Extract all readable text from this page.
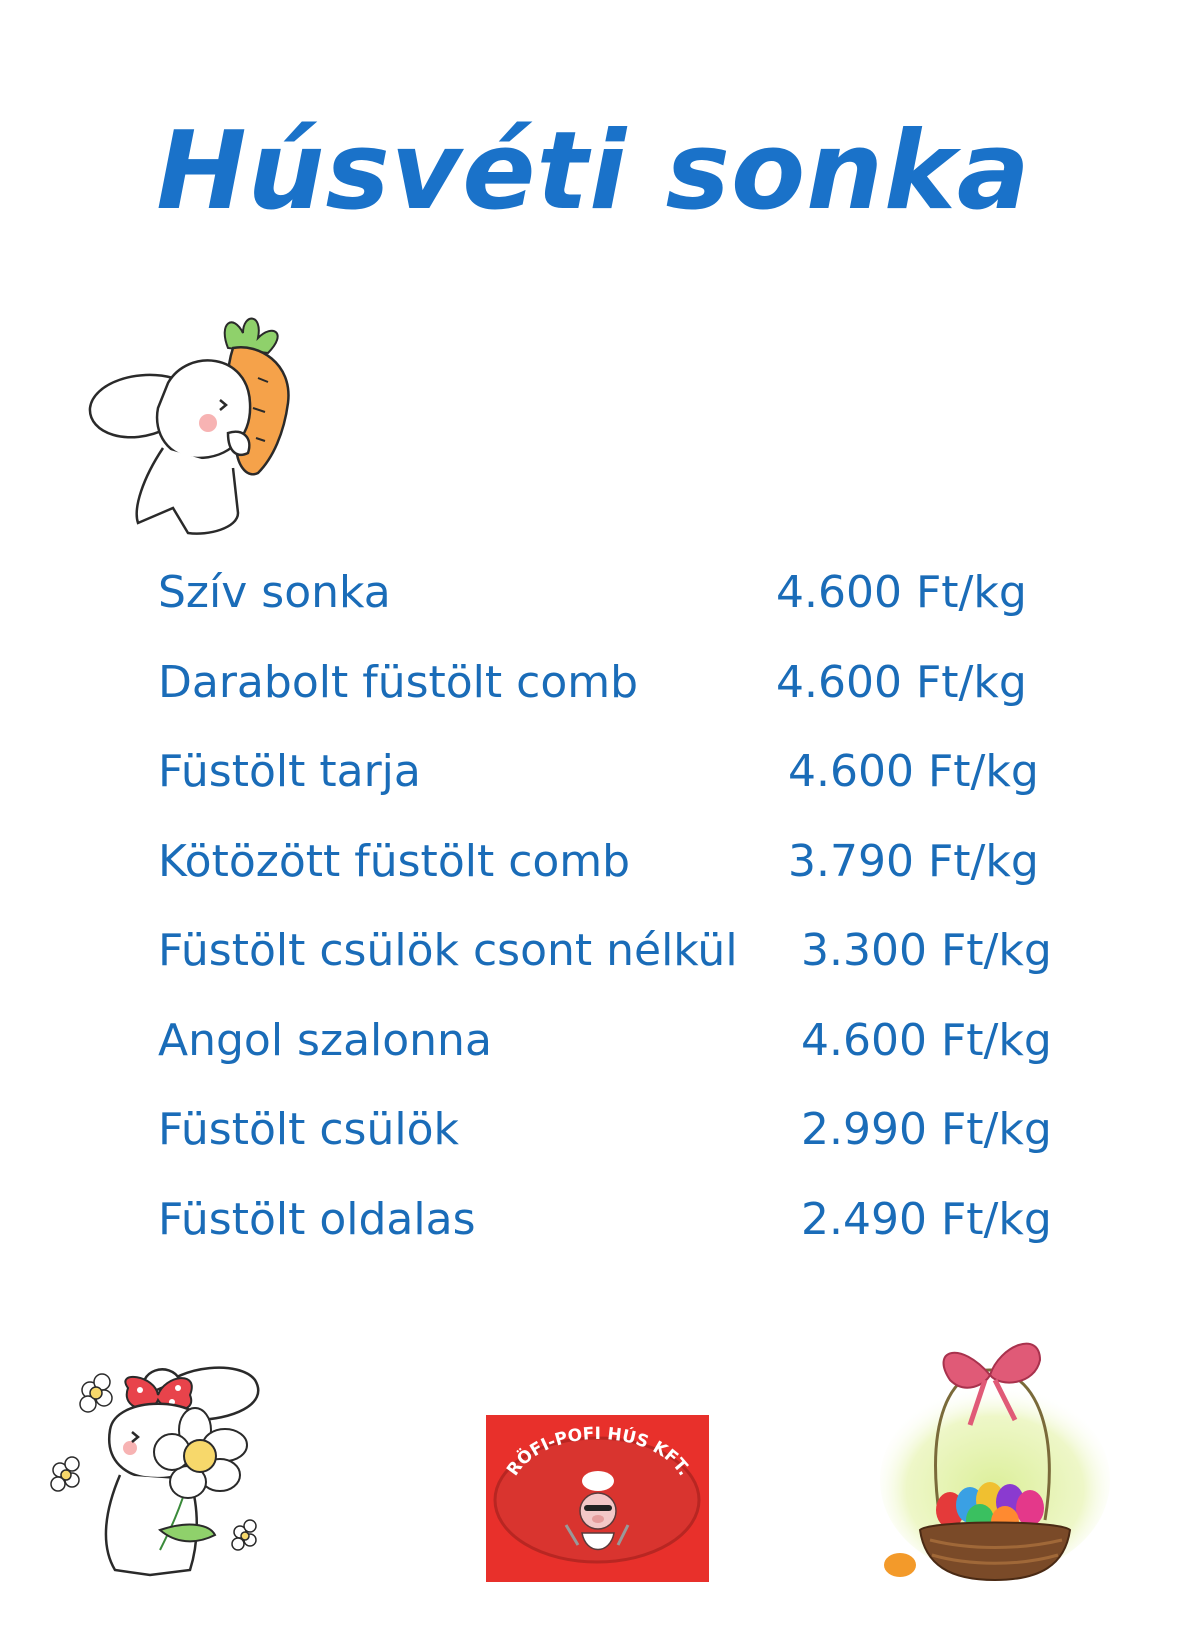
Húsvéti sonka
Szív sonka	4.600 Ft/kg
Darabolt füstölt comb	4.600 Ft/kg
Füstölt tarja	4.600 Ft/kg
Kötözött füstölt comb	3.790 Ft/kg
Füstölt csülök csont nélkül 3.300 Ft/kg
Angol szalonna	4.600 Ft/kg
Füstölt csülök	2.990 Ft/kg
Füstölt oldalas	2.490 Ft/kg
RÖFI-POFI HÚS KFT.
